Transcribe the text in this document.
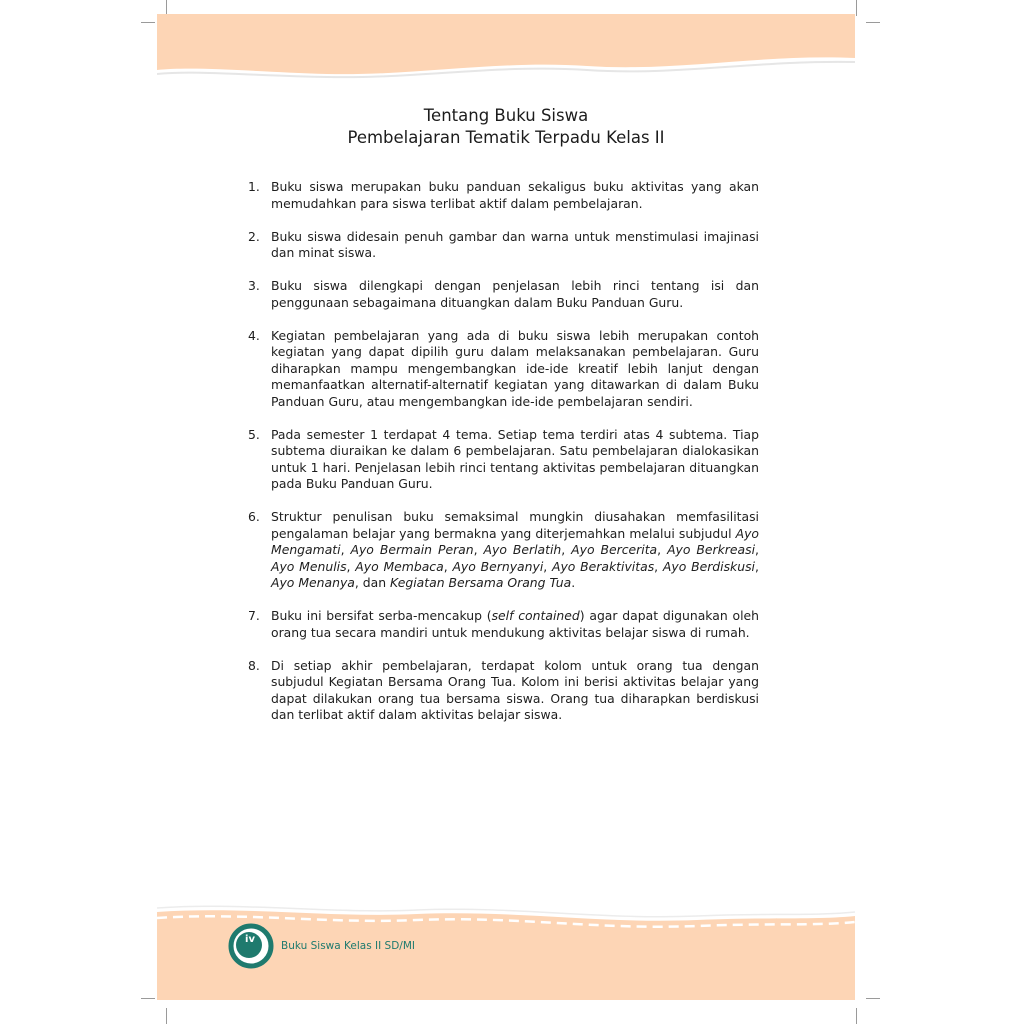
Tentang Buku Siswa
Pembelajaran Tematik Terpadu Kelas II
1. Buku siswa merupakan buku panduan sekaligus buku aktivitas yang akan memudahkan para siswa terlibat aktif dalam pembelajaran.

2. Buku siswa didesain penuh gambar dan warna untuk menstimulasi imajinasi dan minat siswa.

3. Buku siswa dilengkapi dengan penjelasan lebih rinci tentang isi dan penggunaan sebagaimana dituangkan dalam Buku Panduan Guru.

4. Kegiatan pembelajaran yang ada di buku siswa lebih merupakan contoh kegiatan yang dapat dipilih guru dalam melaksanakan pembelajaran. Guru diharapkan mampu mengembangkan ide-ide kreatif lebih lanjut dengan memanfaatkan alternatif-alternatif kegiatan yang ditawarkan di dalam Buku Panduan Guru, atau mengembangkan ide-ide pembelajaran sendiri.

5. Pada semester 1 terdapat 4 tema. Setiap tema terdiri atas 4 subtema. Tiap subtema diuraikan ke dalam 6 pembelajaran. Satu pembelajaran dialokasikan untuk 1 hari. Penjelasan lebih rinci tentang aktivitas pembelajaran dituangkan pada Buku Panduan Guru.

6. Struktur penulisan buku semaksimal mungkin diusahakan memfasilitasi pengalaman belajar yang bermakna yang diterjemahkan melalui subjudul Ayo Mengamati, Ayo Bermain Peran, Ayo Berlatih, Ayo Bercerita, Ayo Berkreasi, Ayo Menulis, Ayo Membaca, Ayo Bernyanyi, Ayo Beraktivitas, Ayo Berdiskusi, Ayo Menanya, dan Kegiatan Bersama Orang Tua.

7. Buku ini bersifat serba-mencakup (self contained) agar dapat digunakan oleh orang tua secara mandiri untuk mendukung aktivitas belajar siswa di rumah.

8. Di setiap akhir pembelajaran, terdapat kolom untuk orang tua dengan subjudul Kegiatan Bersama Orang Tua. Kolom ini berisi aktivitas belajar yang dapat dilakukan orang tua bersama siswa. Orang tua diharapkan berdiskusi dan terlibat aktif dalam aktivitas belajar siswa.

iv
Buku Siswa Kelas II SD/MI
